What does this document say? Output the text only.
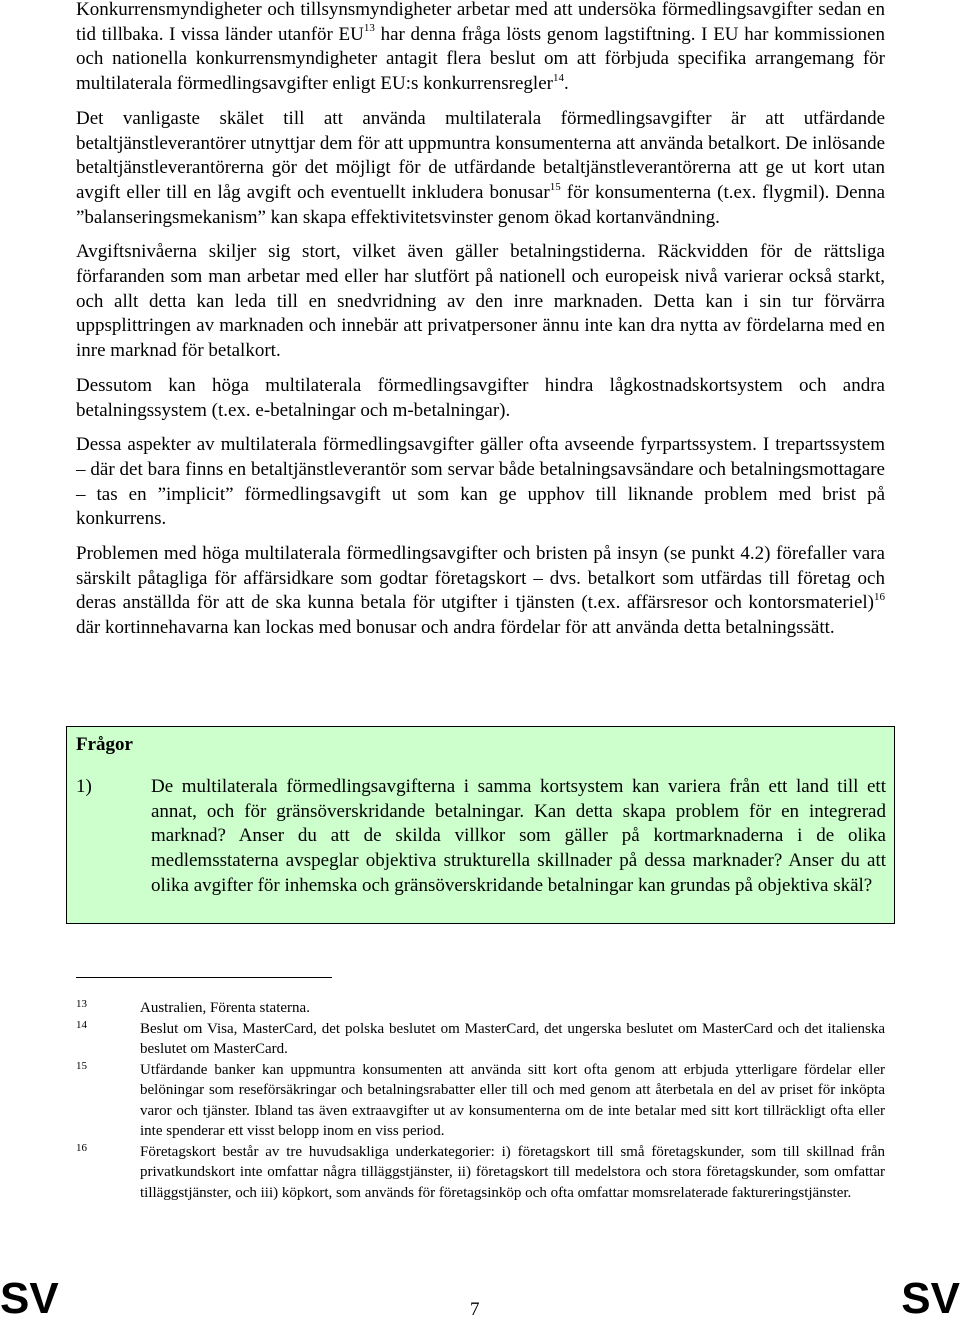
Konkurrensmyndigheter och tillsynsmyndigheter arbetar med att undersöka förmedlingsavgifter sedan en tid tillbaka. I vissa länder utanför EU$^{13}$ har denna fråga lösts genom lagstiftning. I EU har kommissionen och nationella konkurrensmyndigheter antagit flera beslut om att förbjuda specifika arrangemang för multilaterala förmedlingsavgifter enligt EU:s konkurrensregler$^{14}$.

Det vanligaste skälet till att använda multilaterala förmedlingsavgifter är att utfärdande betaltjänstleverantörer utnyttjar dem för att uppmuntra konsumenterna att använda betalkort. De inlösande betaltjänstleverantörerna gör det möjligt för de utfärdande betaltjänstleverantörerna att ge ut kort utan avgift eller till en låg avgift och eventuellt inkludera bonusar$^{15}$ för konsumenterna (t.ex. flygmil). Denna ”balanseringsmekanism” kan skapa effektivitetsvinster genom ökad kortanvändning.

Avgiftsnivåerna skiljer sig stort, vilket även gäller betalningstiderna. Räckvidden för de rättsliga förfaranden som man arbetar med eller har slutfört på nationell och europeisk nivå varierar också starkt, och allt detta kan leda till en snedvridning av den inre marknaden. Detta kan i sin tur förvärra uppsplittringen av marknaden och innebär att privatpersoner ännu inte kan dra nytta av fördelarna med en inre marknad för betalkort.

Dessutom kan höga multilaterala förmedlingsavgifter hindra lågkostnadskortsystem och andra betalningssystem (t.ex. e-betalningar och m-betalningar).

Dessa aspekter av multilaterala förmedlingsavgifter gäller ofta avseende fyrpartssystem. I trepartssystem – där det bara finns en betaltjänstleverantör som servar både betalningsavsändare och betalningsmottagare – tas en ”implicit” förmedlingsavgift ut som kan ge upphov till liknande problem med brist på konkurrens.

Problemen med höga multilaterala förmedlingsavgifter och bristen på insyn (se punkt 4.2) förefaller vara särskilt påtagliga för affärsidkare som godtar företagskort – dvs. betalkort som utfärdas till företag och deras anställda för att de ska kunna betala för utgifter i tjänsten (t.ex. affärsresor och kontorsmateriel)$^{16}$ där kortinnehavarna kan lockas med bonusar och andra fördelar för att använda detta betalningssätt.

Frågor
1)	De multilaterala förmedlingsavgifterna i samma kortsystem kan variera från ett land till ett annat, och för gränsöverskridande betalningar. Kan detta skapa problem för en integrerad marknad? Anser du att de skilda villkor som gäller på kortmarknaderna i de olika medlemsstaterna avspeglar objektiva strukturella skillnader på dessa marknader? Anser du att olika avgifter för inhemska och gränsöverskridande betalningar kan grundas på objektiva skäl?
13	Australien, Förenta staterna.
14	Beslut om Visa, MasterCard, det polska beslutet om MasterCard, det ungerska beslutet om MasterCard och det italienska beslutet om MasterCard.
15	Utfärdande banker kan uppmuntra konsumenten att använda sitt kort ofta genom att erbjuda ytterligare fördelar eller belöningar som reseförsäkringar och betalningsrabatter eller till och med genom att återbetala en del av priset för inköpta varor och tjänster. Ibland tas även extraavgifter ut av konsumenterna om de inte betalar med sitt kort tillräckligt ofta eller inte spenderar ett visst belopp inom en viss period.
16	Företagskort består av tre huvudsakliga underkategorier: i) företagskort till små företagskunder, som till skillnad från privatkundskort inte omfattar några tilläggstjänster, ii) företagskort till medelstora och stora företagskunder, som omfattar tilläggstjänster, och iii) köpkort, som används för företagsinköp och ofta omfattar momsrelaterade faktureringstjänster.
SV	7	SV
